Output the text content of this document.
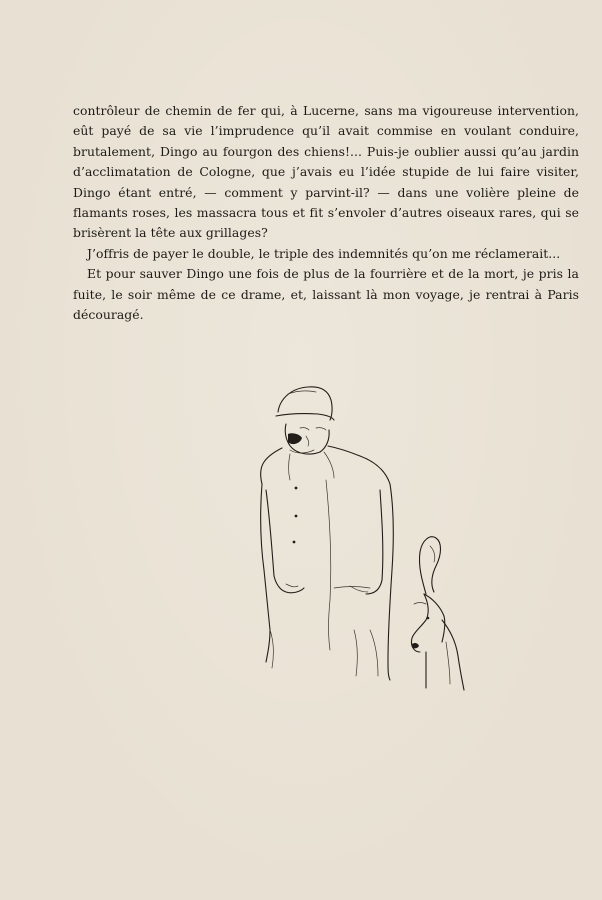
contrôleur de chemin de fer qui, à Lucerne, sans ma vigoureuse intervention, eût payé de sa vie l’imprudence qu’il avait commise en voulant conduire, brutalement, Dingo au fourgon des chiens!... Puis-je oublier aussi qu’au jardin d’acclimatation de Cologne, que j’avais eu l’idée stupide de lui faire visiter, Dingo étant entré, — comment y parvint-il? — dans une volière pleine de flamants roses, les massacra tous et fit s’envoler d’autres oiseaux rares, qui se brisèrent la tête aux grillages?

J’offris de payer le double, le triple des indemnités qu’on me réclamerait...

Et pour sauver Dingo une fois de plus de la fourrière et de la mort, je pris la fuite, le soir même de ce drame, et, laissant là mon voyage, je rentrai à Paris découragé.
